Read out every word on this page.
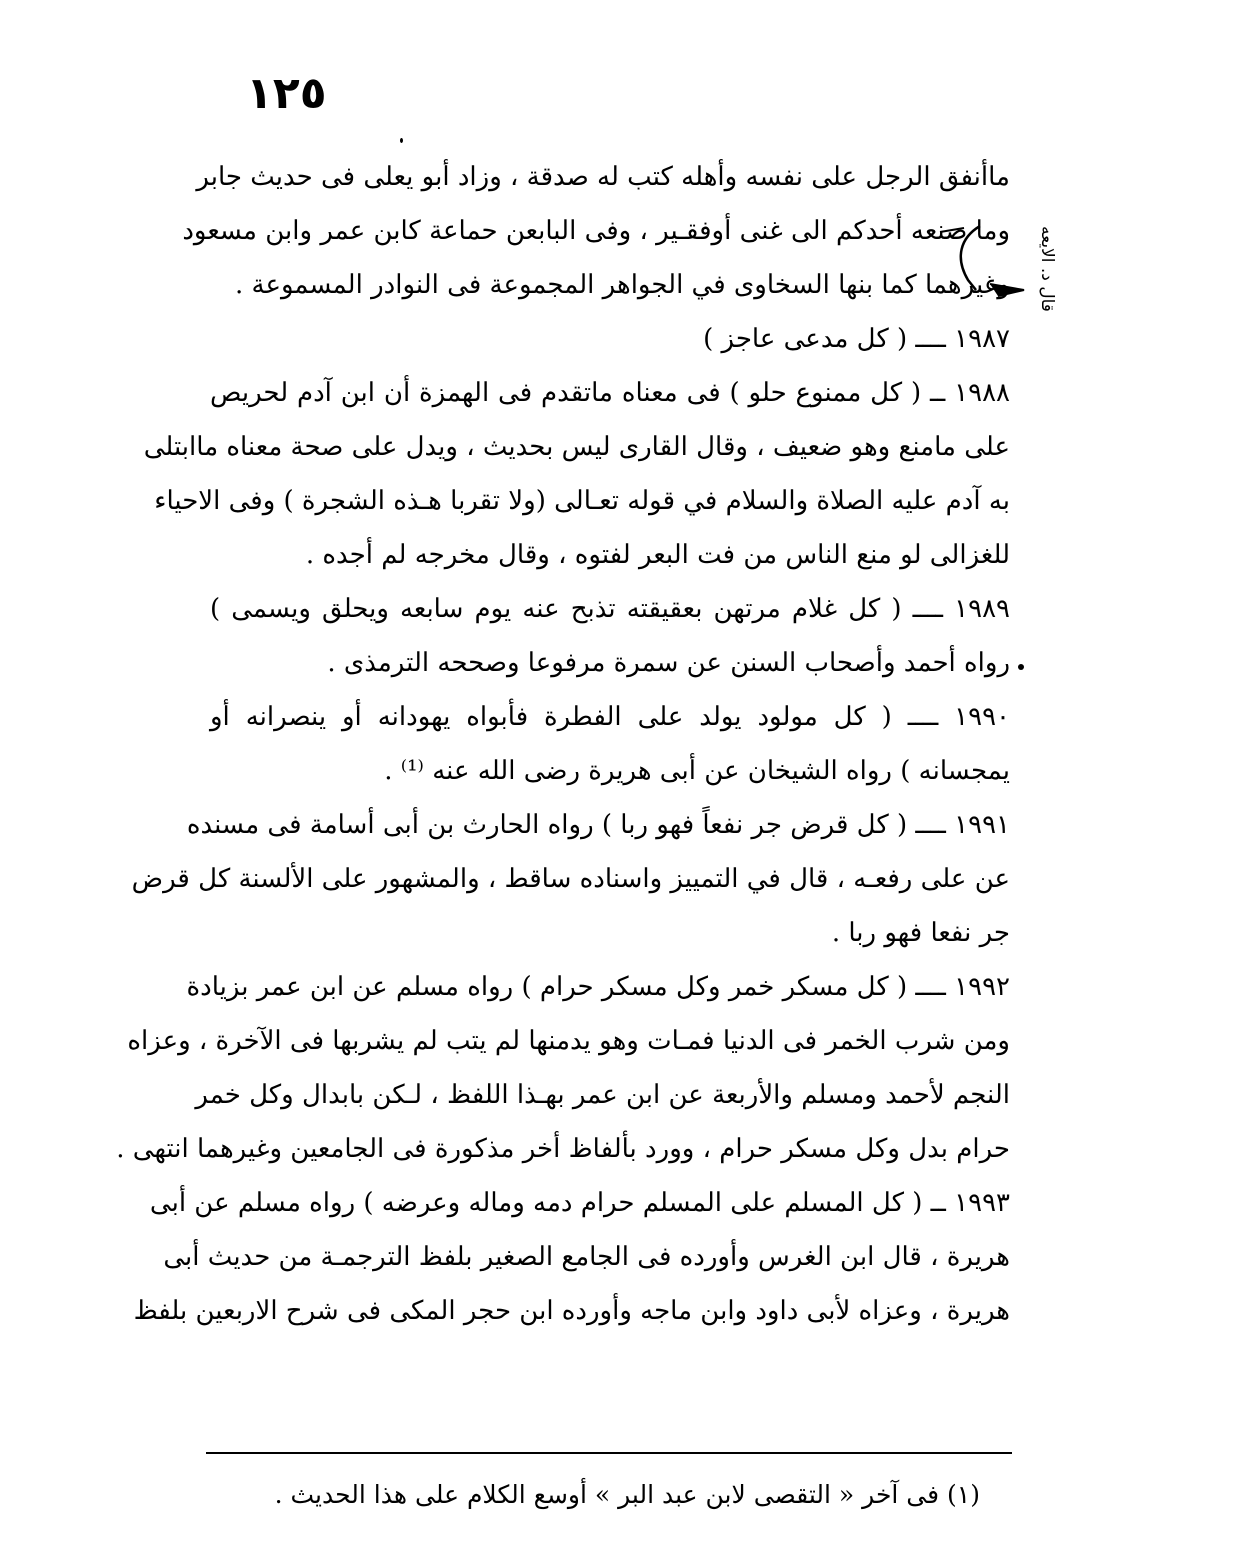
١٢٥
قال د. الايعه
ماأنفق الرجل على نفسه وأهله كتب له صدقة ، وزاد أبو يعلى فى حديث جابر
وما صنعه أحدكم الى غنى أوفقـير ، وفى البابعن حماعة كابن عمر وابن مسعود
وغيرهما كما بنها السخاوى في الجواهر المجموعة فى النوادر المسموعة .
١٩٨٧ ــــ ( كل مدعى عاجز )
١٩٨٨ ــ ( كل ممنوع حلو ) فى معناه ماتقدم فى الهمزة أن ابن آدم لحريص
على مامنع وهو ضعيف ، وقال القارى ليس بحديث ، ويدل على صحة معناه ماابتلى
به آدم عليه الصلاة والسلام في قوله تعـالى (ولا تقربا هـذه الشجرة ) وفى الاحياء
للغزالى لو منع الناس من فت البعر لفتوه ، وقال مخرجه لم أجده .
١٩٨٩ ــــ ( كل غلام مرتهن بعقيقته تذبح عنه يوم سابعه ويحلق ويسمى )
رواه أحمد وأصحاب السنن عن سمرة مرفوعا وصححه الترمذى .
١٩٩٠ ــــ ( كل مولود يولد على الفطرة فأبواه يهودانه أو ينصرانه أو
يمجسانه ) رواه الشيخان عن أبى هريرة رضى الله عنه ⁽¹⁾ .
١٩٩١ ــــ ( كل قرض جر نفعاً فهو ربا ) رواه الحارث بن أبى أسامة فى مسنده
عن على رفعـه ، قال في التمييز واسناده ساقط ، والمشهور على الألسنة كل قرض
جر نفعا فهو ربا .
١٩٩٢ ــــ ( كل مسكر خمر وكل مسكر حرام ) رواه مسلم عن ابن عمر بزيادة
ومن شرب الخمر فى الدنيا فمـات وهو يدمنها لم يتب لم يشربها فى الآخرة ، وعزاه
النجم لأحمد ومسلم والأربعة عن ابن عمر بهـذا اللفظ ، لـكن بابدال وكل خمر
حرام بدل وكل مسكر حرام ، وورد بألفاظ أخر مذكورة فى الجامعين وغيرهما انتهى .
١٩٩٣ ــ ( كل المسلم على المسلم حرام دمه وماله وعرضه ) رواه مسلم عن أبى
هريرة ، قال ابن الغرس وأورده فى الجامع الصغير بلفظ الترجمـة من حديث أبى
هريرة ، وعزاه لأبى داود وابن ماجه وأورده ابن حجر المكى فى شرح الاربعين بلفظ
(١) فى آخر « التقصى لابن عبد البر » أوسع الكلام على هذا الحديث .
